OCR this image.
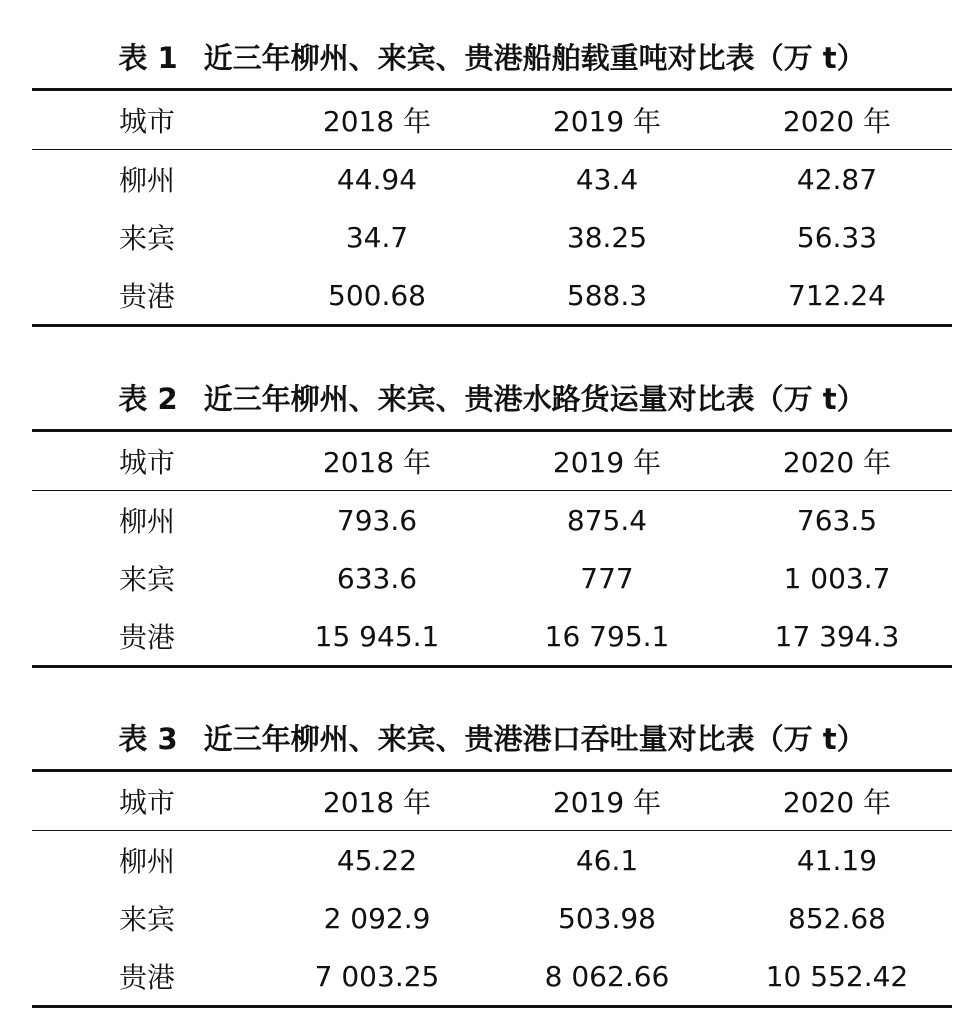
表 1 近三年柳州、来宾、贵港船舶载重吨对比表（万 t）
城市	2018 年	2019 年	2020 年
柳州	44.94	43.4	42.87
来宾	34.7	38.25	56.33
贵港	500.68	588.3	712.24
表 2 近三年柳州、来宾、贵港水路货运量对比表（万 t）
城市	2018 年	2019 年	2020 年
柳州	793.6	875.4	763.5
来宾	633.6	777	1 003.7
贵港	15 945.1	16 795.1	17 394.3
表 3 近三年柳州、来宾、贵港港口吞吐量对比表（万 t）
城市	2018 年	2019 年	2020 年
柳州	45.22	46.1	41.19
来宾	2 092.9	503.98	852.68
贵港	7 003.25	8 062.66	10 552.42
